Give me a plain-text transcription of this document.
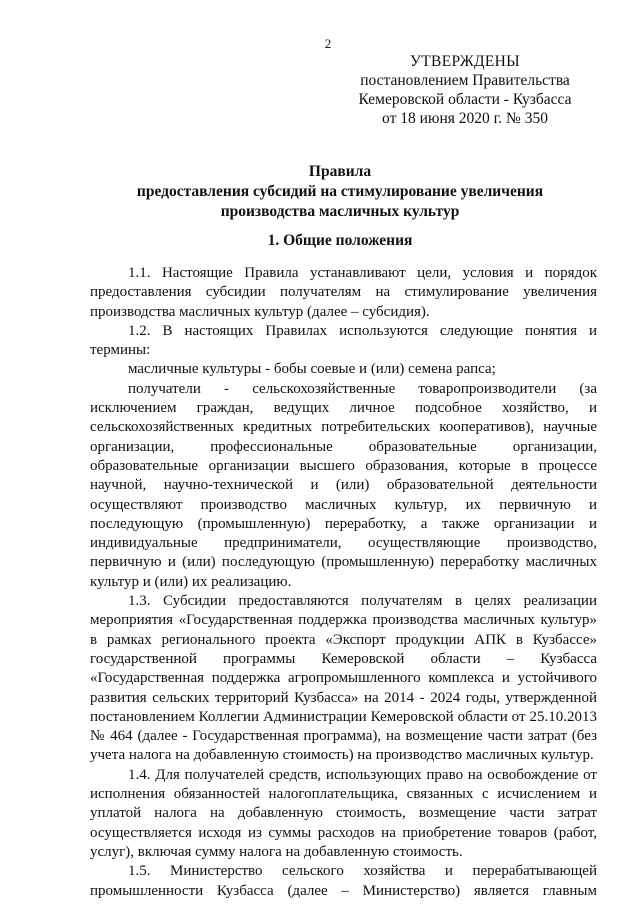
2
УТВЕРЖДЕНЫ
постановлением Правительства
Кемеровской области - Кузбасса
от 18 июня 2020 г. № 350
Правила
предоставления субсидий на стимулирование увеличения
производства масличных культур
1. Общие положения

1.1. Настоящие Правила устанавливают цели, условия и порядок предоставления субсидии получателям на стимулирование увеличения производства масличных культур (далее – субсидия).

1.2. В настоящих Правилах используются следующие понятия и термины:

масличные культуры - бобы соевые и (или) семена рапса;

получатели - сельскохозяйственные товаропроизводители (за исключением граждан, ведущих личное подсобное хозяйство, и сельскохозяйственных кредитных потребительских кооперативов), научные организации, профессиональные образовательные организации, образовательные организации высшего образования, которые в процессе научной, научно-технической и (или) образовательной деятельности осуществляют производство масличных культур, их первичную и последующую (промышленную) переработку, а также организации и индивидуальные предприниматели, осуществляющие производство, первичную и (или) последующую (промышленную) переработку масличных культур и (или) их реализацию.

1.3. Субсидии предоставляются получателям в целях реализации мероприятия «Государственная поддержка производства масличных культур» в рамках регионального проекта «Экспорт продукции АПК в Кузбассе» государственной программы Кемеровской области – Кузбасса «Государственная поддержка агропромышленного комплекса и устойчивого развития сельских территорий Кузбасса» на 2014 - 2024 годы, утвержденной постановлением Коллегии Администрации Кемеровской области от 25.10.2013 № 464 (далее - Государственная программа), на возмещение части затрат (без учета налога на добавленную стоимость) на производство масличных культур.

1.4. Для получателей средств, использующих право на освобождение от исполнения обязанностей налогоплательщика, связанных с исчислением и уплатой налога на добавленную стоимость, возмещение части затрат осуществляется исходя из суммы расходов на приобретение товаров (работ, услуг), включая сумму налога на добавленную стоимость.

1.5. Министерство сельского хозяйства и перерабатывающей промышленности Кузбасса (далее – Министерство) является главным
